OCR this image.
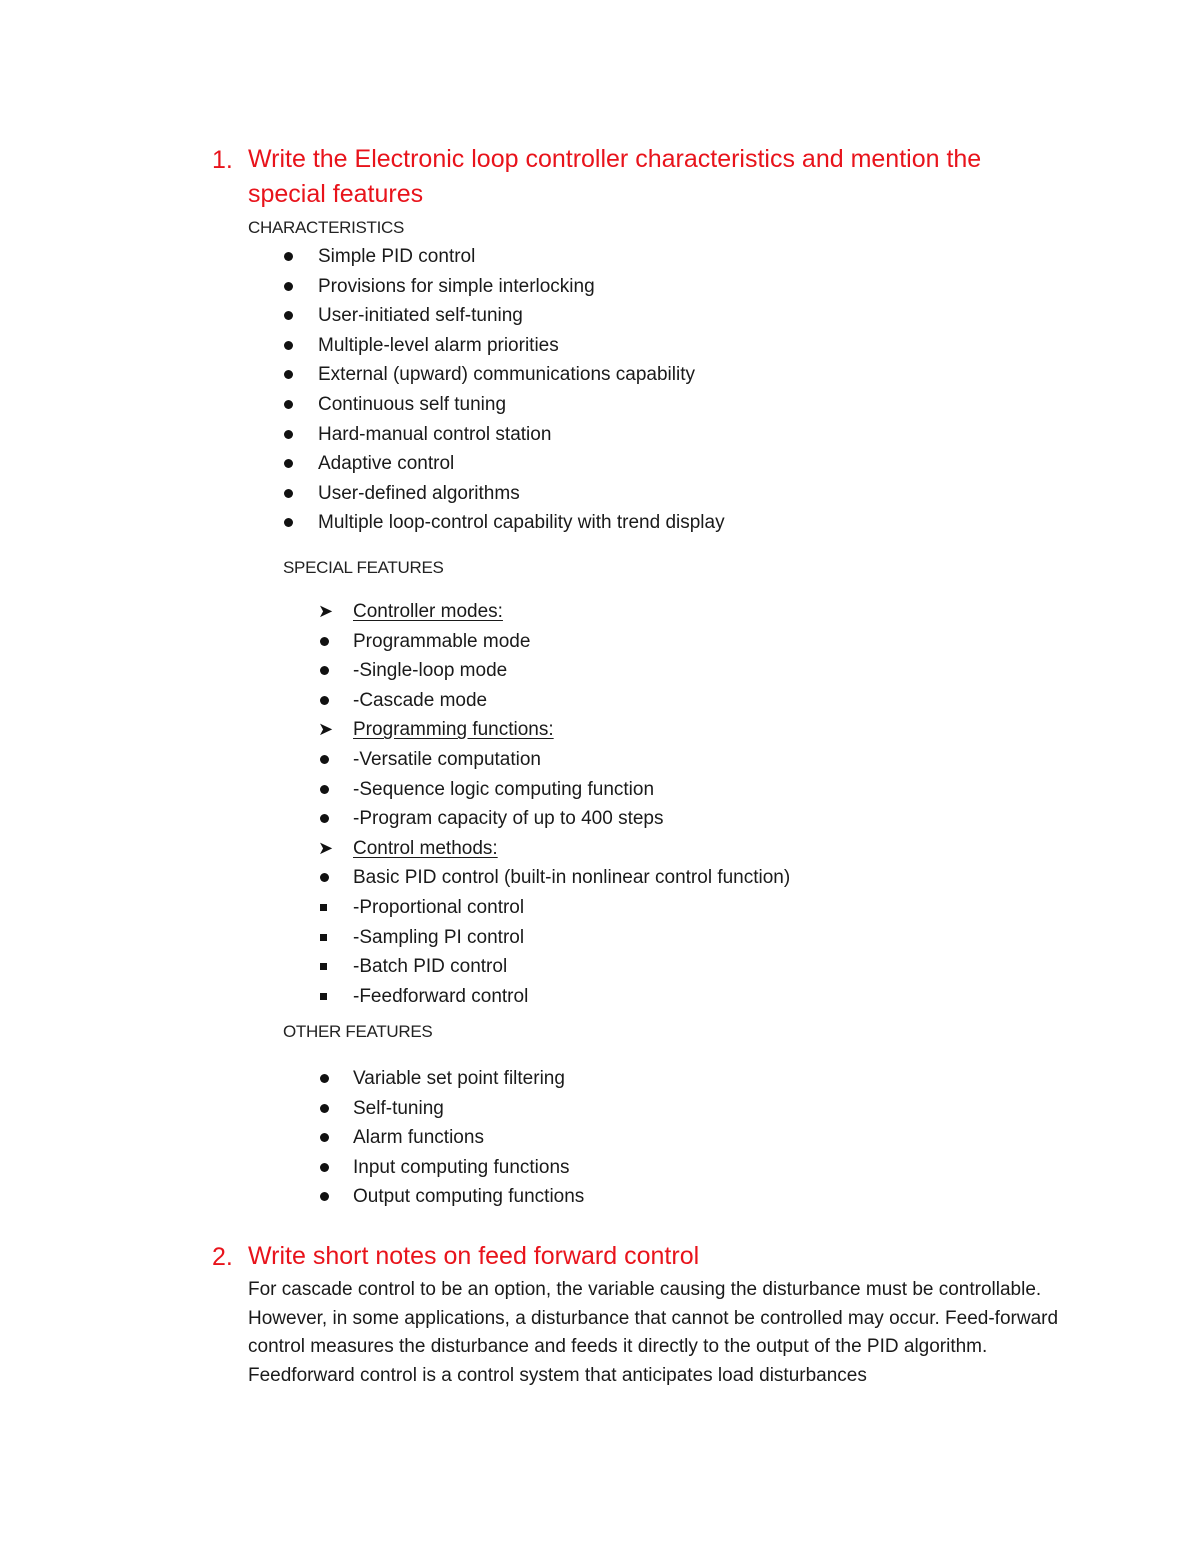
1. Write the Electronic loop controller characteristics and mention the
special features
CHARACTERISTICS
Simple PID control
Provisions for simple interlocking
User-initiated self-tuning
Multiple-level alarm priorities
External (upward) communications capability
Continuous self tuning
Hard-manual control station
Adaptive control
User-defined algorithms
Multiple loop-control capability with trend display
SPECIAL FEATURES
➤ Controller modes:
Programmable mode
-Single-loop mode
-Cascade mode
➤ Programming functions:
-Versatile computation
-Sequence logic computing function
-Program capacity of up to 400 steps
➤ Control methods:
Basic PID control (built-in nonlinear control function)
-Proportional control
-Sampling PI control
-Batch PID control
-Feedforward control
OTHER FEATURES
Variable set point filtering
Self-tuning
Alarm functions
Input computing functions
Output computing functions
2. Write short notes on feed forward control

For cascade control to be an option, the variable causing the disturbance must be controllable. However, in some applications, a disturbance that cannot be controlled may occur. Feed-forward control measures the disturbance and feeds it directly to the output of the PID algorithm. Feedforward control is a control system that anticipates load disturbances
